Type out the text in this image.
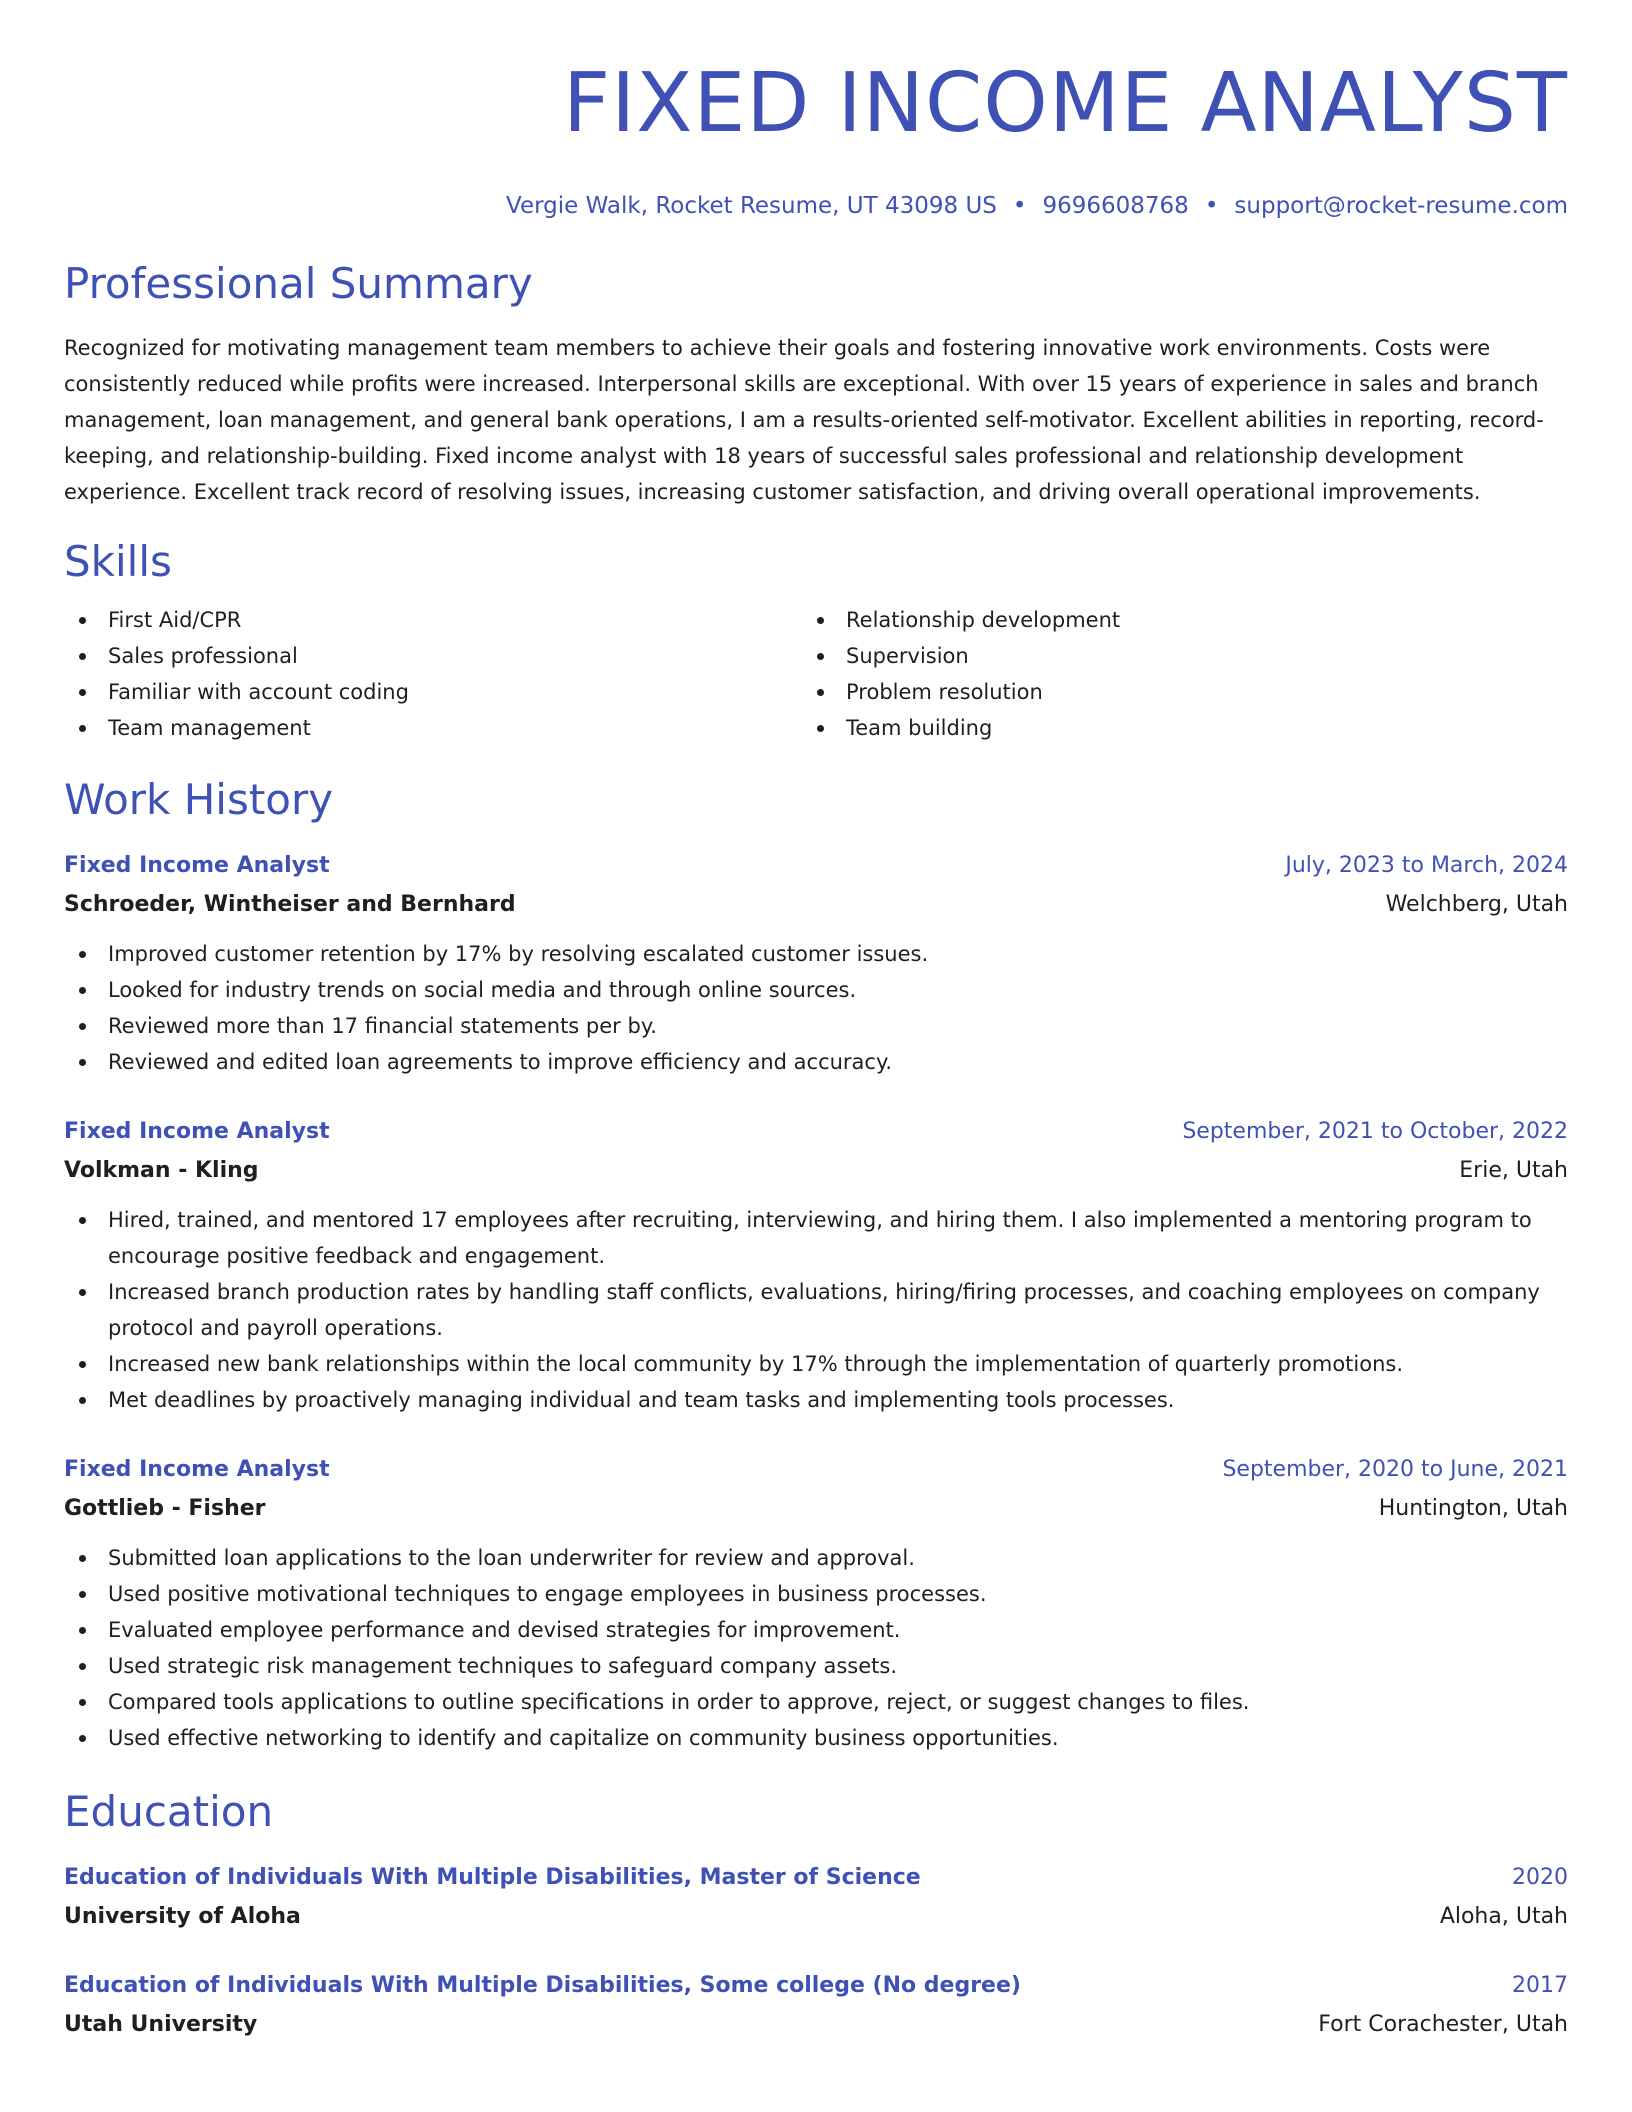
FIXED INCOME ANALYST
Vergie Walk, Rocket Resume, UT 43098 US • 9696608768 • support@rocket-resume.com
Professional Summary
Recognized for motivating management team members to achieve their goals and fostering innovative work environments. Costs were consistently reduced while profits were increased. Interpersonal skills are exceptional. With over 15 years of experience in sales and branch management, loan management, and general bank operations, I am a results-oriented self-motivator. Excellent abilities in reporting, record-keeping, and relationship-building. Fixed income analyst with 18 years of successful sales professional and relationship development experience. Excellent track record of resolving issues, increasing customer satisfaction, and driving overall operational improvements.
Skills
First Aid/CPR
Sales professional
Familiar with account coding
Team management
Relationship development
Supervision
Problem resolution
Team building
Work History
Fixed Income Analyst	July, 2023 to March, 2024
Schroeder, Wintheiser and Bernhard	Welchberg, Utah
Improved customer retention by 17% by resolving escalated customer issues.
Looked for industry trends on social media and through online sources.
Reviewed more than 17 financial statements per by.
Reviewed and edited loan agreements to improve efficiency and accuracy.
Fixed Income Analyst	September, 2021 to October, 2022
Volkman - Kling	Erie, Utah
Hired, trained, and mentored 17 employees after recruiting, interviewing, and hiring them. I also implemented a mentoring program to encourage positive feedback and engagement.
Increased branch production rates by handling staff conflicts, evaluations, hiring/firing processes, and coaching employees on company protocol and payroll operations.
Increased new bank relationships within the local community by 17% through the implementation of quarterly promotions.
Met deadlines by proactively managing individual and team tasks and implementing tools processes.
Fixed Income Analyst	September, 2020 to June, 2021
Gottlieb - Fisher	Huntington, Utah
Submitted loan applications to the loan underwriter for review and approval.
Used positive motivational techniques to engage employees in business processes.
Evaluated employee performance and devised strategies for improvement.
Used strategic risk management techniques to safeguard company assets.
Compared tools applications to outline specifications in order to approve, reject, or suggest changes to files.
Used effective networking to identify and capitalize on community business opportunities.
Education
Education of Individuals With Multiple Disabilities, Master of Science	2020
University of Aloha	Aloha, Utah
Education of Individuals With Multiple Disabilities, Some college (No degree)	2017
Utah University	Fort Corachester, Utah
